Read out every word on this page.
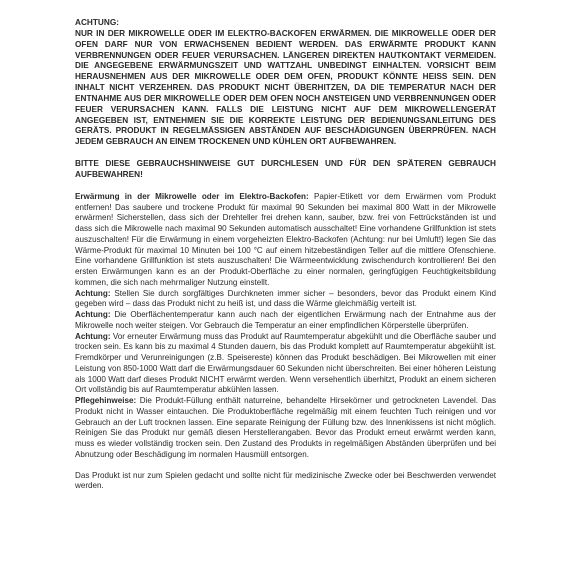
ACHTUNG:

NUR IN DER MIKROWELLE ODER IM ELEKTRO-BACKOFEN ERWÄRMEN. DIE MIKROWELLE ODER DER OFEN DARF NUR VON ERWACHSENEN BEDIENT WERDEN. DAS ERWÄRMTE PRODUKT KANN VERBRENNUNGEN ODER FEUER VERURSACHEN. LÄNGEREN DIREKTEN HAUTKONTAKT VERMEIDEN. DIE ANGEGEBENE ERWÄRMUNGSZEIT UND WATTZAHL UNBEDINGT EINHALTEN. VORSICHT BEIM HERAUSNEHMEN AUS DER MIKROWELLE ODER DEM OFEN, PRODUKT KÖNNTE HEISS SEIN. DEN INHALT NICHT VERZEHREN. DAS PRODUKT NICHT ÜBERHITZEN, DA DIE TEMPERATUR NACH DER ENTNAHME AUS DER MIKROWELLE ODER DEM OFEN NOCH ANSTEIGEN UND VERBRENNUNGEN ODER FEUER VERURSACHEN KANN. FALLS DIE LEISTUNG NICHT AUF DEM MIKROWELLENGERÄT ANGEGEBEN IST, ENTNEHMEN SIE DIE KORREKTE LEISTUNG DER BEDIENUNGSANLEITUNG DES GERÄTS. PRODUKT IN REGELMÄSSIGEN ABSTÄNDEN AUF BESCHÄDIGUNGEN ÜBERPRÜFEN. NACH JEDEM GEBRAUCH AN EINEM TROCKENEN UND KÜHLEN ORT AUFBEWAHREN.

BITTE DIESE GEBRAUCHSHINWEISE GUT DURCHLESEN UND FÜR DEN SPÄTEREN GEBRAUCH AUFBEWAHREN!

Erwärmung in der Mikrowelle oder im Elektro-Backofen: Papier-Etikett vor dem Erwärmen vom Produkt entfernen! Das saubere und trockene Produkt für maximal 90 Sekunden bei maximal 800 Watt in der Mikrowelle erwärmen! Sicherstellen, dass sich der Drehteller frei drehen kann, sauber, bzw. frei von Fettrückständen ist und dass sich die Mikrowelle nach maximal 90 Sekunden automatisch ausschaltet! Eine vorhandene Grillfunktion ist stets auszuschalten! Für die Erwärmung in einem vorgeheizten Elektro-Backofen (Achtung: nur bei Umluft!) legen Sie das Wärme-Produkt für maximal 10 Minuten bei 100 °C auf einem hitzebeständigen Teller auf die mittlere Ofenschiene. Eine vorhandene Grillfunktion ist stets auszuschalten! Die Wärmeentwicklung zwischendurch kontrollieren! Bei den ersten Erwärmungen kann es an der Produkt-Oberfläche zu einer normalen, geringfügigen Feuchtigkeitsbildung kommen, die sich nach mehrmaliger Nutzung einstellt.

Achtung: Stellen Sie durch sorgfältiges Durchkneten immer sicher – besonders, bevor das Produkt einem Kind gegeben wird – dass das Produkt nicht zu heiß ist, und dass die Wärme gleichmäßig verteilt ist.

Achtung: Die Oberflächentemperatur kann auch nach der eigentlichen Erwärmung nach der Entnahme aus der Mikrowelle noch weiter steigen. Vor Gebrauch die Temperatur an einer empfindlichen Körperstelle überprüfen.

Achtung: Vor erneuter Erwärmung muss das Produkt auf Raumtemperatur abgekühlt und die Oberfläche sauber und trocken sein. Es kann bis zu maximal 4 Stunden dauern, bis das Produkt komplett auf Raumtemperatur abgekühlt ist. Fremdkörper und Verunreinigungen (z.B. Speisereste) können das Produkt beschädigen. Bei Mikrowellen mit einer Leistung von 850-1000 Watt darf die Erwärmungsdauer 60 Sekunden nicht überschreiten. Bei einer höheren Leistung als 1000 Watt darf dieses Produkt NICHT erwärmt werden. Wenn versehentlich überhitzt, Produkt an einem sicheren Ort vollständig bis auf Raumtemperatur abkühlen lassen.

Pflegehinweise: Die Produkt-Füllung enthält naturreine, behandelte Hirsekörner und getrockneten Lavendel. Das Produkt nicht in Wasser eintauchen. Die Produktoberfläche regelmäßig mit einem feuchten Tuch reinigen und vor Gebrauch an der Luft trocknen lassen. Eine separate Reinigung der Füllung bzw. des Innenkissens ist nicht möglich. Reinigen Sie das Produkt nur gemäß diesen Herstellerangaben. Bevor das Produkt erneut erwärmt werden kann, muss es wieder vollständig trocken sein. Den Zustand des Produkts in regelmäßigen Abständen überprüfen und bei Abnutzung oder Beschädigung im normalen Hausmüll entsorgen.

Das Produkt ist nur zum Spielen gedacht und sollte nicht für medizinische Zwecke oder bei Beschwerden verwendet werden.
